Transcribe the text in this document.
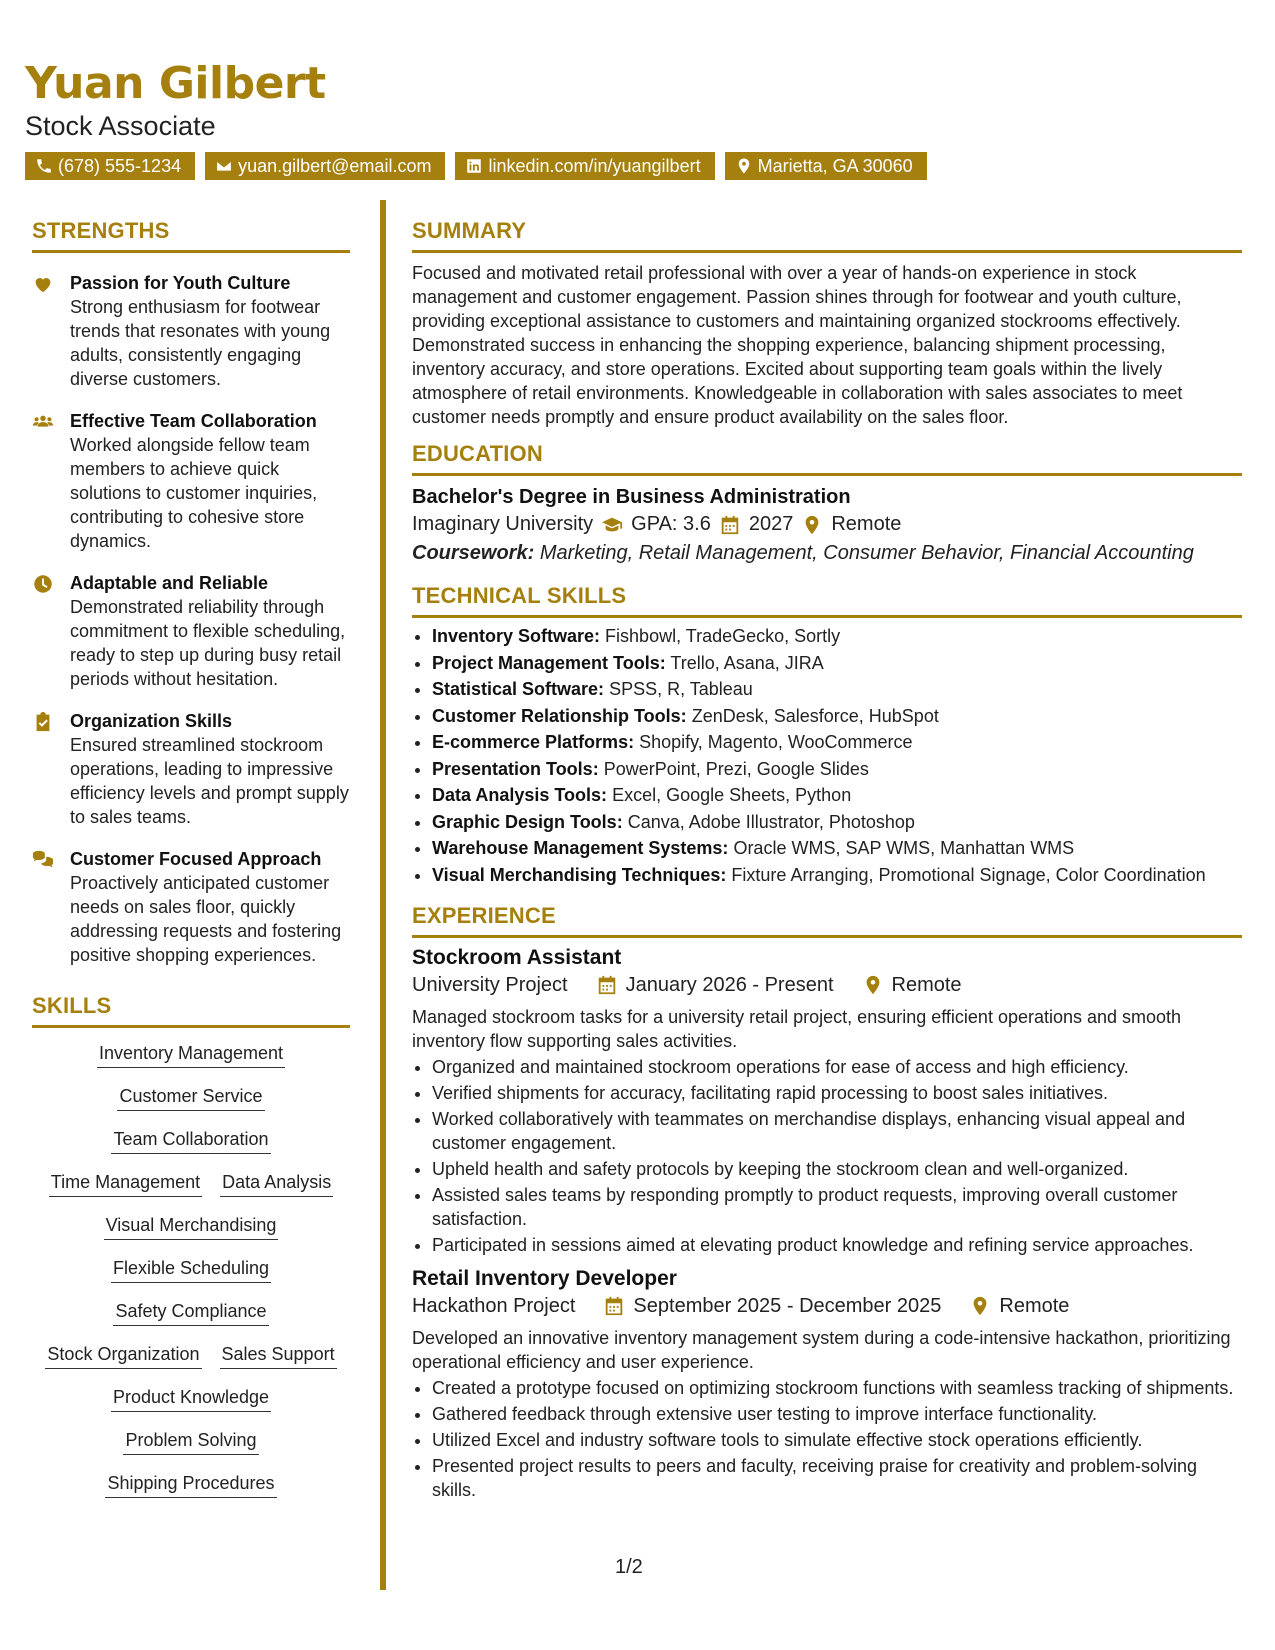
Yuan Gilbert
Stock Associate
(678) 555-1234	yuan.gilbert@email.com	linkedin.com/in/yuangilbert	Marietta, GA 30060
STRENGTHS
Passion for Youth Culture
Strong enthusiasm for footwear trends that resonates with young adults, consistently engaging diverse customers.
Effective Team Collaboration
Worked alongside fellow team members to achieve quick solutions to customer inquiries, contributing to cohesive store dynamics.
Adaptable and Reliable
Demonstrated reliability through commitment to flexible scheduling, ready to step up during busy retail periods without hesitation.
Organization Skills
Ensured streamlined stockroom operations, leading to impressive efficiency levels and prompt supply to sales teams.
Customer Focused Approach
Proactively anticipated customer needs on sales floor, quickly addressing requests and fostering positive shopping experiences.
SKILLS
Inventory Management
Customer Service
Team Collaboration
Time Management Data Analysis
Visual Merchandising
Flexible Scheduling
Safety Compliance
Stock Organization Sales Support
Product Knowledge
Problem Solving
Shipping Procedures
SUMMARY
Focused and motivated retail professional with over a year of hands-on experience in stock management and customer engagement. Passion shines through for footwear and youth culture, providing exceptional assistance to customers and maintaining organized stockrooms effectively. Demonstrated success in enhancing the shopping experience, balancing shipment processing, inventory accuracy, and store operations. Excited about supporting team goals within the lively atmosphere of retail environments. Knowledgeable in collaboration with sales associates to meet customer needs promptly and ensure product availability on the sales floor.
EDUCATION
Bachelor's Degree in Business Administration
Imaginary University GPA: 3.6 2027 Remote
Coursework: Marketing, Retail Management, Consumer Behavior, Financial Accounting
TECHNICAL SKILLS
• Inventory Software: Fishbowl, TradeGecko, Sortly
• Project Management Tools: Trello, Asana, JIRA
• Statistical Software: SPSS, R, Tableau
• Customer Relationship Tools: ZenDesk, Salesforce, HubSpot
• E-commerce Platforms: Shopify, Magento, WooCommerce
• Presentation Tools: PowerPoint, Prezi, Google Slides
• Data Analysis Tools: Excel, Google Sheets, Python
• Graphic Design Tools: Canva, Adobe Illustrator, Photoshop
• Warehouse Management Systems: Oracle WMS, SAP WMS, Manhattan WMS
• Visual Merchandising Techniques: Fixture Arranging, Promotional Signage, Color Coordination
EXPERIENCE
Stockroom Assistant
University Project	January 2026 - Present	Remote
Managed stockroom tasks for a university retail project, ensuring efficient operations and smooth inventory flow supporting sales activities.
• Organized and maintained stockroom operations for ease of access and high efficiency.
• Verified shipments for accuracy, facilitating rapid processing to boost sales initiatives.
• Worked collaboratively with teammates on merchandise displays, enhancing visual appeal and customer engagement.
• Upheld health and safety protocols by keeping the stockroom clean and well-organized.
• Assisted sales teams by responding promptly to product requests, improving overall customer satisfaction.
• Participated in sessions aimed at elevating product knowledge and refining service approaches.
Retail Inventory Developer
Hackathon Project	September 2025 - December 2025	Remote
Developed an innovative inventory management system during a code-intensive hackathon, prioritizing operational efficiency and user experience.
• Created a prototype focused on optimizing stockroom functions with seamless tracking of shipments.
• Gathered feedback through extensive user testing to improve interface functionality.
• Utilized Excel and industry software tools to simulate effective stock operations efficiently.
• Presented project results to peers and faculty, receiving praise for creativity and problem-solving skills.
1/2
